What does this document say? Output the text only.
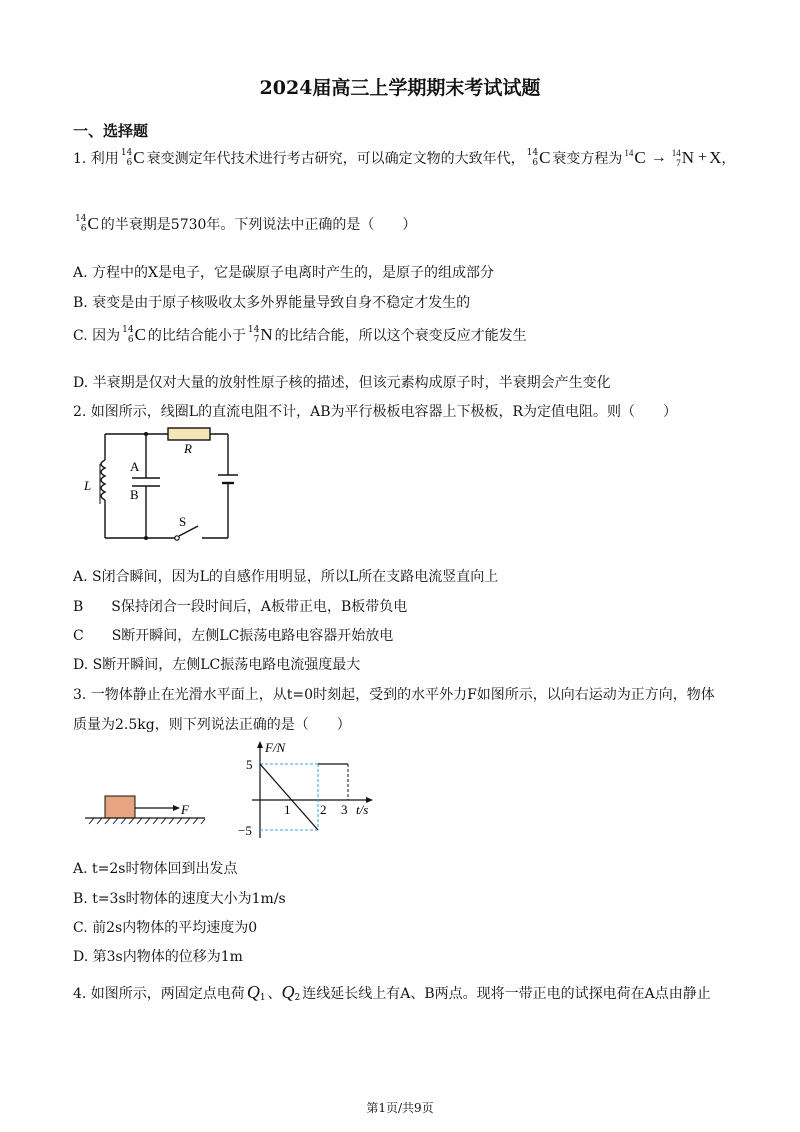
2024届高三上学期期末考试试题
一、选择题
1. 利用 14
6 C 衰变测定年代技术进行考古研究，可以确定文物的大致年代， 14
6 C 衰变方程为 14 C → 14
7 N + X ，
14
6 C 的半衰期是5730年。下列说法中正确的是（　　）
A. 方程中的X是电子，它是碳原子电离时产生的，是原子的组成部分
B. 衰变是由于原子核吸收太多外界能量导致自身不稳定才发生的
C. 因为 14
6 C 的比结合能小于 14
7 N 的比结合能，所以这个衰变反应才能发生
D. 半衰期是仅对大量的放射性原子核的描述，但该元素构成原子时，半衰期会产生变化
2. 如图所示，线圈L的直流电阻不计，AB为平行极板电容器上下极板，R为定值电阻。则（　　）
R
L
A
B
S
A. S闭合瞬间，因为L的自感作用明显，所以L所在支路电流竖直向上
B　　S保持闭合一段时间后，A板带正电，B板带负电
C　　S断开瞬间，左侧LC振荡电路电容器开始放电
D. S断开瞬间，左侧LC振荡电路电流强度最大
3. 一物体静止在光滑水平面上，从t=0时刻起，受到的水平外力F如图所示，以向右运动为正方向，物体
质量为2.5kg，则下列说法正确的是（　　）
F
F/N
t/s
5
−5
1 2 3
A. t=2s时物体回到出发点
B. t=3s时物体的速度大小为1m/s
C. 前2s内物体的平均速度为0
D. 第3s内物体的位移为1m
4. 如图所示，两固定点电荷 Q 1 、 Q 2 连线延长线上有A、B两点。现将一带正电的试探电荷在A点由静止
第1页/共9页
